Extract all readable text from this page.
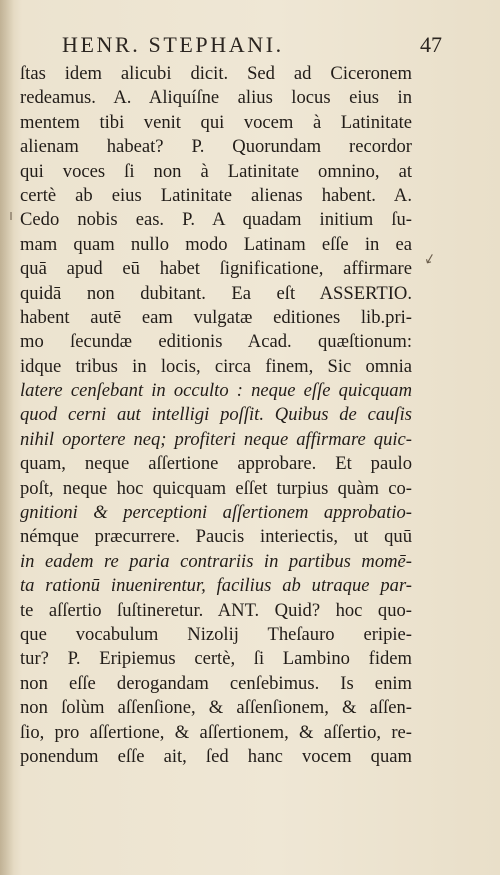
HENR. STEPHANI.	47
↙
ſtas idem alicubi dicit. Sed ad Ciceronem
redeamus. A. Aliquíſne alius locus eius in
mentem tibi venit qui vocem à Latinitate
alienam habeat? P. Quorundam recordor
qui voces ſi non à Latinitate omnino, at
certè ab eius Latinitate alienas habent. A.
Cedo nobis eas. P. A quadam initium ſu-
mam quam nullo modo Latinam eſſe in ea
quā apud eū habet ſignificatione, affirmare
quidā non dubitant. Ea eſt ASSERTIO.
habent autē eam vulgatæ editiones lib.pri-
mo ſecundæ editionis Acad. quæſtionum:
idque tribus in locis, circa finem, Sic omnia
latere cenſebant in occulto : neque eſſe quicquam
quod cerni aut intelligi poſſit. Quibus de cauſis
nihil oportere neq; profiteri neque affirmare quic-
quam, neque aſſertione approbare. Et paulo
poſt, neque hoc quicquam eſſet turpius quàm co-
gnitioni & perceptioni aſſertionem approbatio-
némque præcurrere. Paucis interiectis, ut quū
in eadem re paria contrariis in partibus momē-
ta rationū inuenirentur, facilius ab utraque par-
te aſſertio ſuſtineretur. ANT. Quid? hoc quo-
que vocabulum Nizolij Theſauro eripie-
tur? P. Eripiemus certè, ſi Lambino fidem
non eſſe derogandam cenſebimus. Is enim
non ſolùm aſſenſione, & aſſenſionem, & aſſen-
ſio, pro aſſertione, & aſſertionem, & aſſertio, re-
ponendum eſſe ait, ſed hanc vocem quam
